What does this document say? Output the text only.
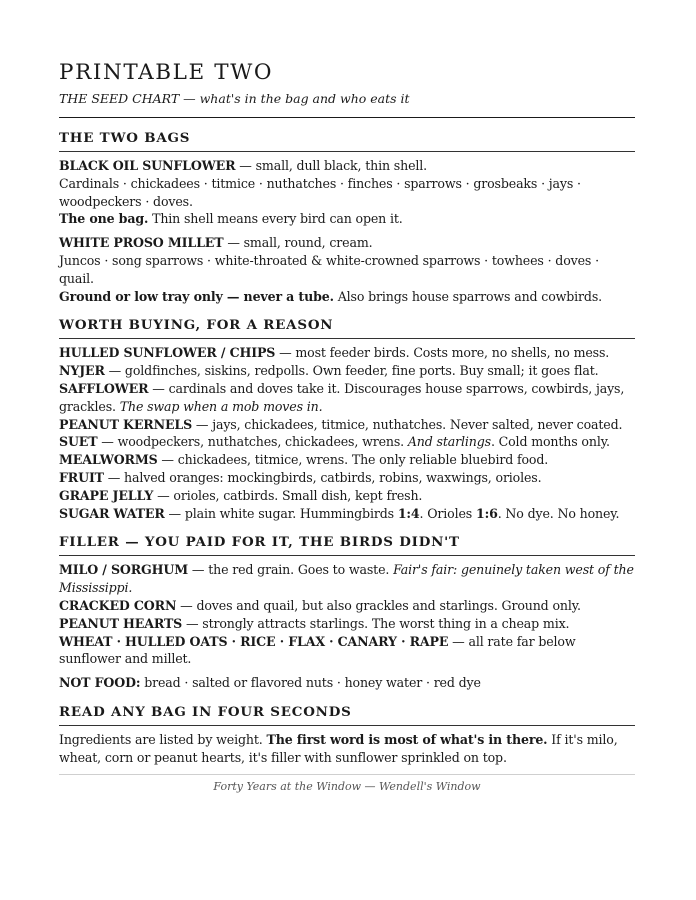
PRINTABLE TWO
THE SEED CHART — what's in the bag and who eats it
THE TWO BAGS
BLACK OIL SUNFLOWER — small, dull black, thin shell.
Cardinals · chickadees · titmice · nuthatches · finches · sparrows · grosbeaks · jays · woodpeckers · doves.
The one bag. Thin shell means every bird can open it.
WHITE PROSO MILLET — small, round, cream.
Juncos · song sparrows · white-throated & white-crowned sparrows · towhees · doves · quail.
Ground or low tray only — never a tube. Also brings house sparrows and cowbirds.
WORTH BUYING, FOR A REASON
HULLED SUNFLOWER / CHIPS — most feeder birds. Costs more, no shells, no mess.
NYJER — goldfinches, siskins, redpolls. Own feeder, fine ports. Buy small; it goes flat.
SAFFLOWER — cardinals and doves take it. Discourages house sparrows, cowbirds, jays, grackles. The swap when a mob moves in.
PEANUT KERNELS — jays, chickadees, titmice, nuthatches. Never salted, never coated.
SUET — woodpeckers, nuthatches, chickadees, wrens. And starlings. Cold months only.
MEALWORMS — chickadees, titmice, wrens. The only reliable bluebird food.
FRUIT — halved oranges: mockingbirds, catbirds, robins, waxwings, orioles.
GRAPE JELLY — orioles, catbirds. Small dish, kept fresh.
SUGAR WATER — plain white sugar. Hummingbirds 1:4. Orioles 1:6. No dye. No honey.
FILLER — YOU PAID FOR IT, THE BIRDS DIDN'T
MILO / SORGHUM — the red grain. Goes to waste. Fair's fair: genuinely taken west of the Mississippi.
CRACKED CORN — doves and quail, but also grackles and starlings. Ground only.
PEANUT HEARTS — strongly attracts starlings. The worst thing in a cheap mix.
WHEAT · HULLED OATS · RICE · FLAX · CANARY · RAPE — all rate far below sunflower and millet.
NOT FOOD: bread · salted or flavored nuts · honey water · red dye
READ ANY BAG IN FOUR SECONDS
Ingredients are listed by weight. The first word is most of what's in there. If it's milo, wheat, corn or peanut hearts, it's filler with sunflower sprinkled on top.
Forty Years at the Window — Wendell's Window
